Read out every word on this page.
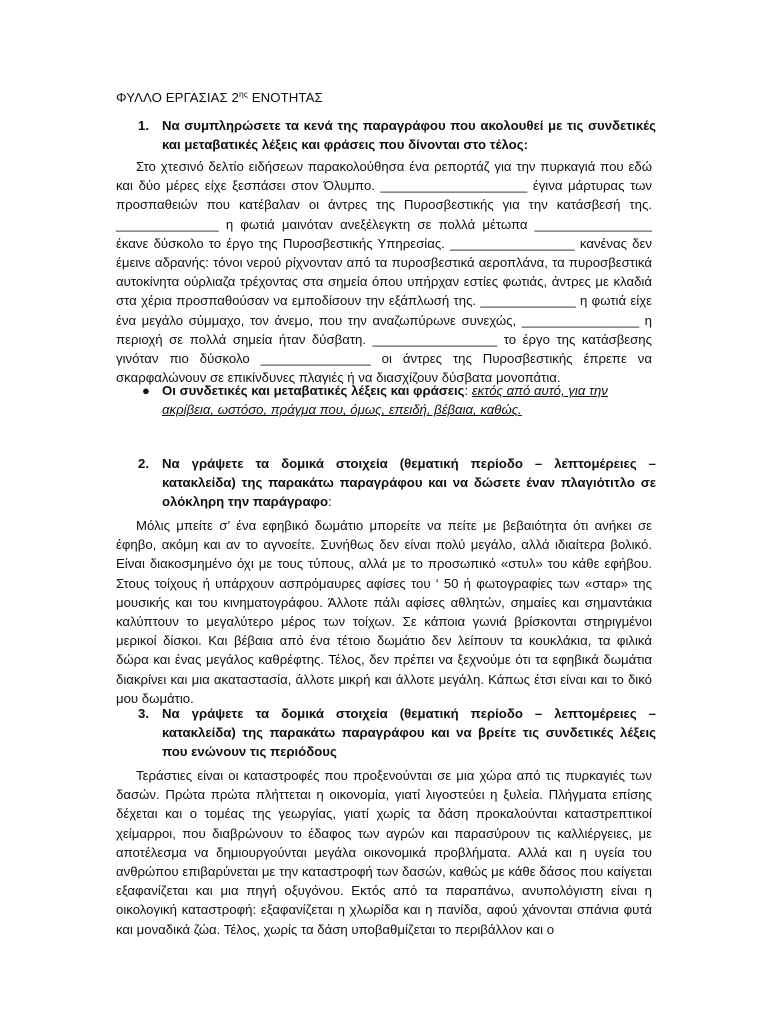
ΦΥΛΛΟ ΕΡΓΑΣΙΑΣ $2^{\eta\varsigma}$ ΕΝΟΤΗΤΑΣ
1. Να συμπληρώσετε τα κενά της παραγράφου που ακολουθεί με τις συνδετικές και μεταβατικές λέξεις και φράσεις που δίνονται στο τέλος:

Στο χτεσινό δελτίο ειδήσεων παρακολούθησα ένα ρεπορτάζ για την πυρκαγιά που εδώ και δύο μέρες είχε ξεσπάσει στον Όλυμπο. ____________________ έγινα μάρτυρας των προσπαθειών που κατέβαλαν οι άντρες της Πυροσβεστικής για την κατάσβεσή της. ______________ η φωτιά μαινόταν ανεξέλεγκτη σε πολλά μέτωπα ________________ έκανε δύσκολο το έργο της Πυροσβεστικής Υπηρεσίας. _________________ κανένας δεν έμεινε αδρανής: τόνοι νερού ρίχνονταν από τα πυροσβεστικά αεροπλάνα, τα πυροσβεστικά αυτοκίνητα ούρλιαζα τρέχοντας στα σημεία όπου υπήρχαν εστίες φωτιάς, άντρες με κλαδιά στα χέρια προσπαθούσαν να εμποδίσουν την εξάπλωσή της. _____________ η φωτιά είχε ένα μεγάλο σύμμαχο, τον άνεμο, που την αναζωπύρωνε συνεχώς, ________________ η περιοχή σε πολλά σημεία ήταν δύσβατη. _________________ το έργο της κατάσβεσης γινόταν πιο δύσκολο _______________ οι άντρες της Πυροσβεστικής έπρεπε να σκαρφαλώνουν σε επικίνδυνες πλαγιές ή να διασχίζουν δύσβατα μονοπάτια.

● Οι συνδετικές και μεταβατικές λέξεις και φράσεις: εκτός από αυτό, για την ακρίβεια, ωστόσο, πράγμα που, όμως, επειδή, βέβαια, καθώς.
2. Να γράψετε τα δομικά στοιχεία (θεματική περίοδο – λεπτομέρειες – κατακλείδα) της παρακάτω παραγράφου και να δώσετε έναν πλαγιότιτλο σε ολόκληρη την παράγραφο:

Μόλις μπείτε σ’ ένα εφηβικό δωμάτιο μπορείτε να πείτε με βεβαιότητα ότι ανήκει σε έφηβο, ακόμη και αν το αγνοείτε. Συνήθως δεν είναι πολύ μεγάλο, αλλά ιδιαίτερα βολικό. Είναι διακοσμημένο όχι με τους τύπους, αλλά με το προσωπικό «στυλ» του κάθε εφήβου. Στους τοίχους ή υπάρχουν ασπρόμαυρες αφίσες του ‘ 50 ή φωτογραφίες των «σταρ» της μουσικής και του κινηματογράφου. Άλλοτε πάλι αφίσες αθλητών, σημαίες και σημαντάκια καλύπτουν το μεγαλύτερο μέρος των τοίχων. Σε κάποια γωνιά βρίσκονται στηριγμένοι μερικοί δίσκοι. Και βέβαια από ένα τέτοιο δωμάτιο δεν λείπουν τα κουκλάκια, τα φιλικά δώρα και ένας μεγάλος καθρέφτης. Τέλος, δεν πρέπει να ξεχνούμε ότι τα εφηβικά δωμάτια διακρίνει και μια ακαταστασία, άλλοτε μικρή και άλλοτε μεγάλη. Κάπως έτσι είναι και το δικό μου δωμάτιο.

3. Να γράψετε τα δομικά στοιχεία (θεματική περίοδο – λεπτομέρειες – κατακλείδα) της παρακάτω παραγράφου και να βρείτε τις συνδετικές λέξεις που ενώνουν τις περιόδους

Τεράστιες είναι οι καταστροφές που προξενούνται σε μια χώρα από τις πυρκαγιές των δασών. Πρώτα πρώτα πλήττεται η οικονομία, γιατί λιγοστεύει η ξυλεία. Πλήγματα επίσης δέχεται και ο τομέας της γεωργίας, γιατί χωρίς τα δάση προκαλούνται καταστρεπτικοί χείμαρροι, που διαβρώνουν το έδαφος των αγρών και παρασύρουν τις καλλιέργειες, με αποτέλεσμα να δημιουργούνται μεγάλα οικονομικά προβλήματα. Αλλά και η υγεία του ανθρώπου επιβαρύνεται με την καταστροφή των δασών, καθώς με κάθε δάσος που καίγεται εξαφανίζεται και μια πηγή οξυγόνου. Εκτός από τα παραπάνω, ανυπολόγιστη είναι η οικολογική καταστροφή: εξαφανίζεται η χλωρίδα και η πανίδα, αφού χάνονται σπάνια φυτά και μοναδικά ζώα. Τέλος, χωρίς τα δάση υποβαθμίζεται το περιβάλλον και ο
